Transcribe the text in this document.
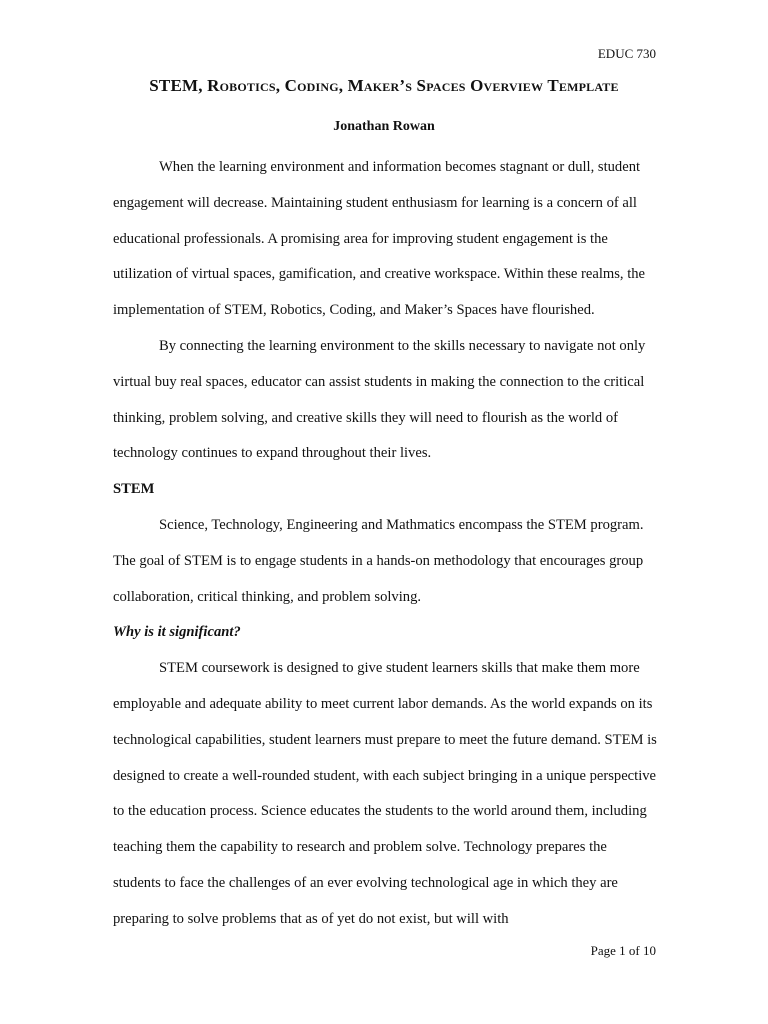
EDUC 730
STEM, Robotics, Coding, Maker’s Spaces Overview Template
Jonathan Rowan

When the learning environment and information becomes stagnant or dull, student engagement will decrease. Maintaining student enthusiasm for learning is a concern of all educational professionals. A promising area for improving student engagement is the utilization of virtual spaces, gamification, and creative workspace. Within these realms, the implementation of STEM, Robotics, Coding, and Maker’s Spaces have flourished.

By connecting the learning environment to the skills necessary to navigate not only virtual buy real spaces, educator can assist students in making the connection to the critical thinking, problem solving, and creative skills they will need to flourish as the world of technology continues to expand throughout their lives.

STEM

Science, Technology, Engineering and Mathmatics encompass the STEM program. The goal of STEM is to engage students in a hands-on methodology that encourages group collaboration, critical thinking, and problem solving.

Why is it significant?

STEM coursework is designed to give student learners skills that make them more employable and adequate ability to meet current labor demands. As the world expands on its technological capabilities, student learners must prepare to meet the future demand. STEM is designed to create a well-rounded student, with each subject bringing in a unique perspective to the education process. Science educates the students to the world around them, including teaching them the capability to research and problem solve. Technology prepares the students to face the challenges of an ever evolving technological age in which they are preparing to solve problems that as of yet do not exist, but will with

Page 1 of 10
